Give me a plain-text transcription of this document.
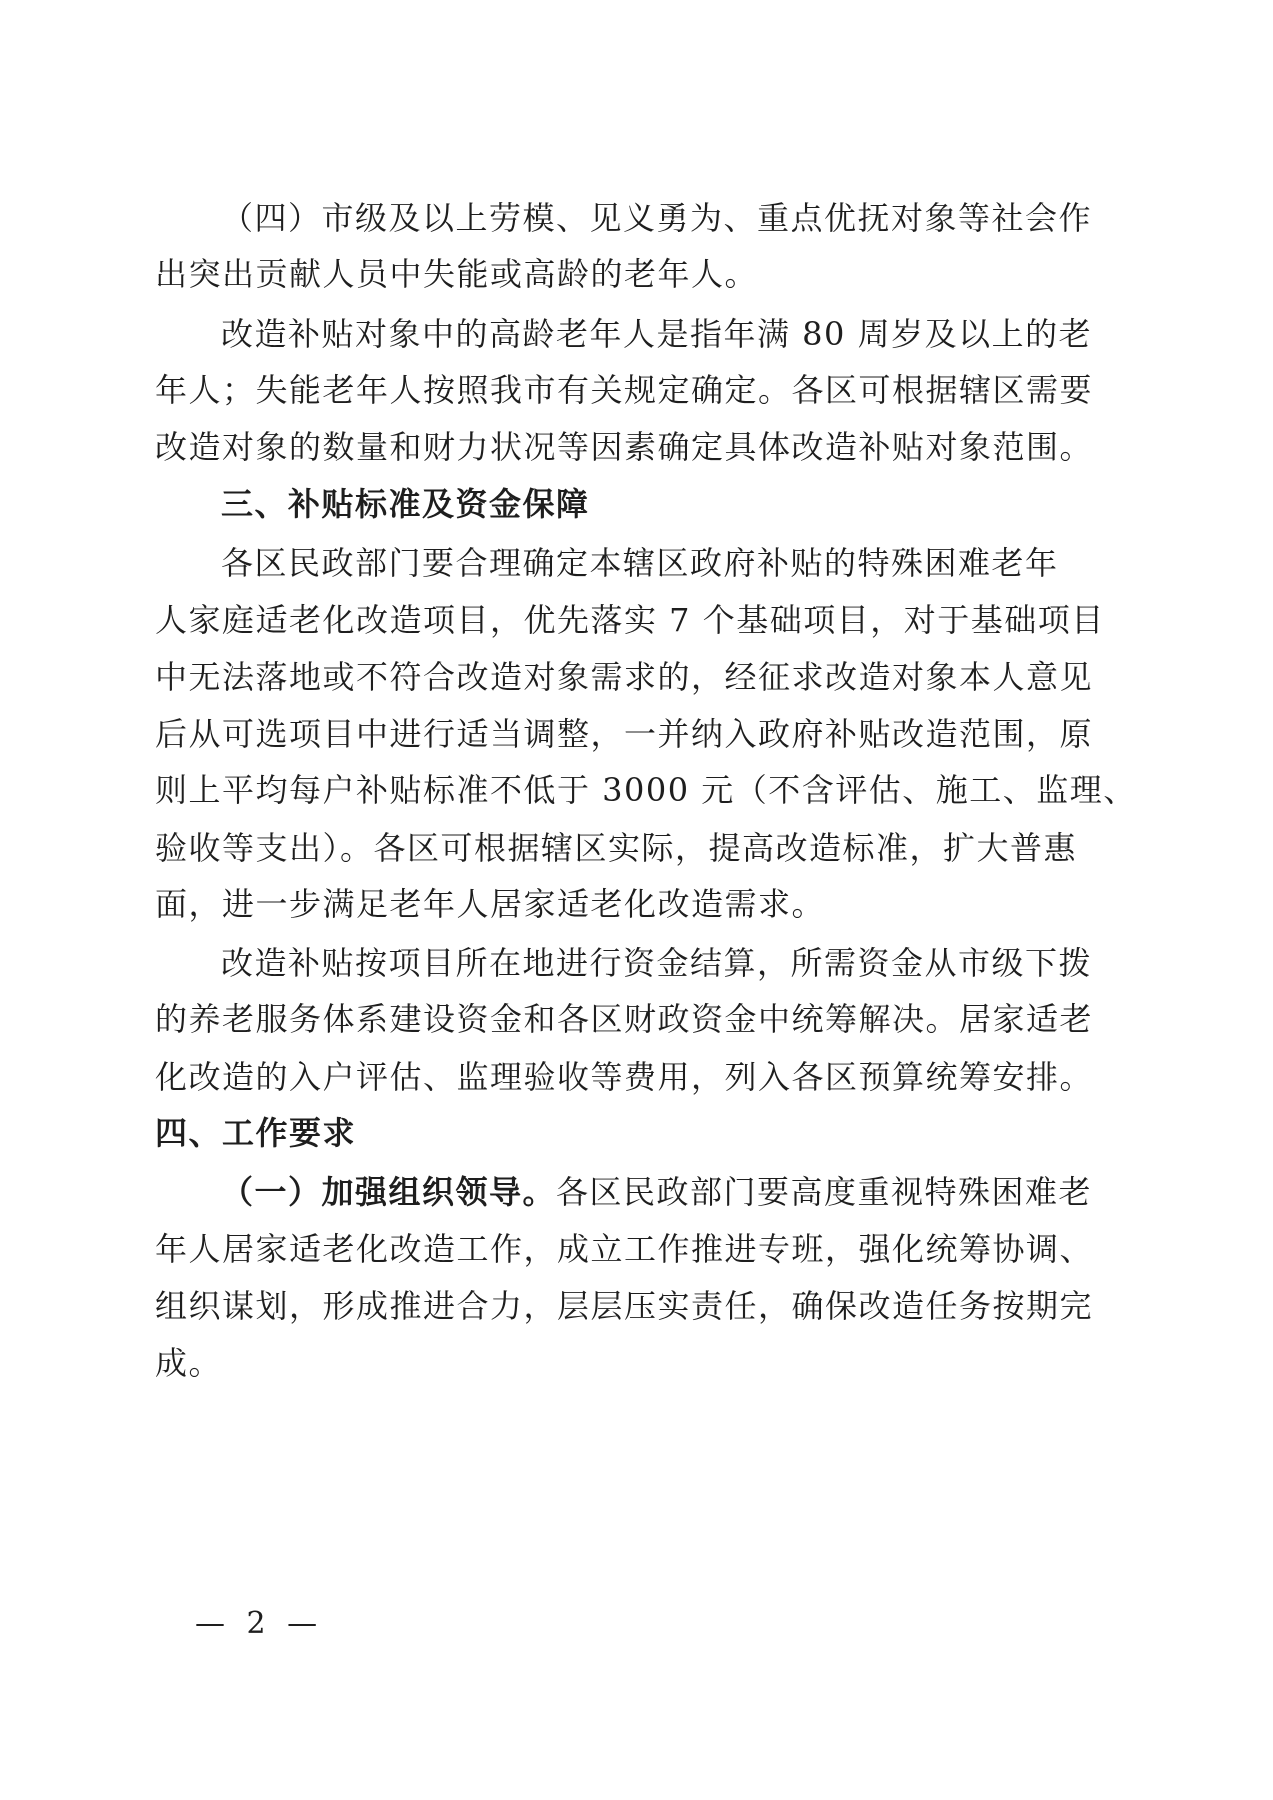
（四）市级及以上劳模、见义勇为、重点优抚对象等社会作
出突出贡献人员中失能或高龄的老年人。
改造补贴对象中的高龄老年人是指年满 80 周岁及以上的老
年人；失能老年人按照我市有关规定确定。各区可根据辖区需要
改造对象的数量和财力状况等因素确定具体改造补贴对象范围。
三、补贴标准及资金保障
各区民政部门要合理确定本辖区政府补贴的特殊困难老年
人家庭适老化改造项目，优先落实 7 个基础项目，对于基础项目
中无法落地或不符合改造对象需求的，经征求改造对象本人意见
后从可选项目中进行适当调整，一并纳入政府补贴改造范围，原
则上平均每户补贴标准不低于 3000 元（不含评估、施工、监理、
验收等支出）。各区可根据辖区实际，提高改造标准，扩大普惠
面，进一步满足老年人居家适老化改造需求。
改造补贴按项目所在地进行资金结算，所需资金从市级下拨
的养老服务体系建设资金和各区财政资金中统筹解决。居家适老
化改造的入户评估、监理验收等费用，列入各区预算统筹安排。
四、工作要求
（一）加强组织领导。各区民政部门要高度重视特殊困难老
年人居家适老化改造工作，成立工作推进专班，强化统筹协调、
组织谋划，形成推进合力，层层压实责任，确保改造任务按期完
成。
— 2 —
